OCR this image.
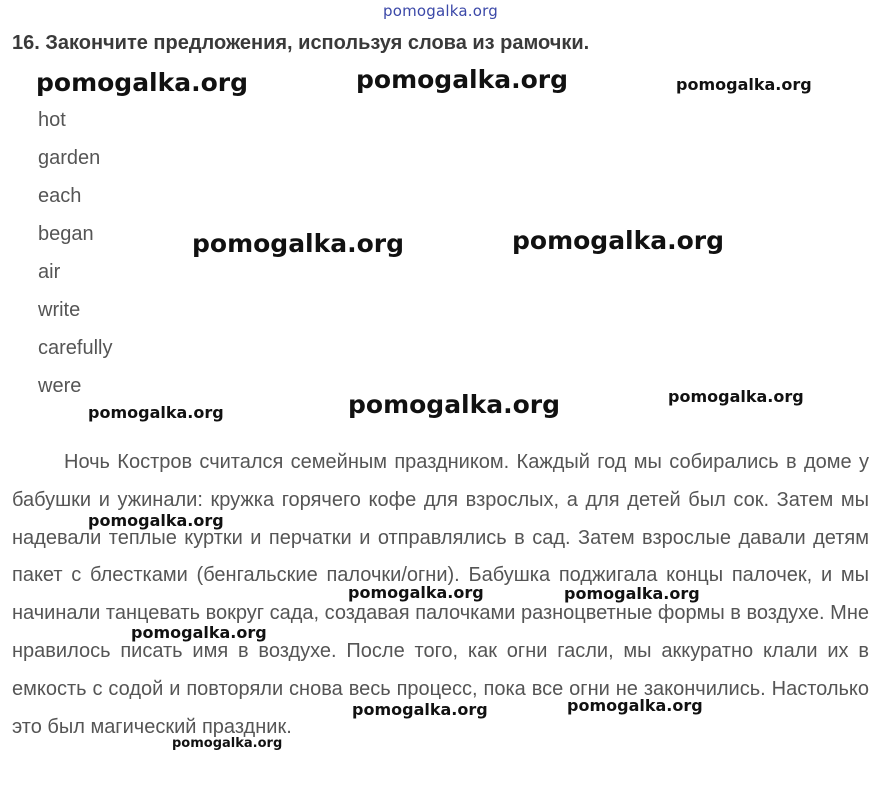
pomogalka.org
16. Закончите предложения, используя слова из рамочки.
hot
garden
each
began
air
write
carefully
were

Ночь Костров считался семейным праздником. Каждый год мы собирались в доме у бабушки и ужинали: кружка горячего кофе для взрослых, а для детей был сок. Затем мы надевали теплые куртки и перчатки и отправлялись в сад. Затем взрослые давали детям пакет с блестками (бенгальские палочки/огни). Бабушка поджигала концы палочек, и мы начинали танцевать вокруг сада, создавая палочками разноцветные формы в воздухе. Мне нравилось писать имя в воздухе. После того, как огни гасли, мы аккуратно клали их в емкость с содой и повторяли снова весь процесс, пока все огни не закончились. Настолько это был магический праздник.

pomogalka.org	pomogalka.org	pomogalka.org
pomogalka.org	pomogalka.org
pomogalka.org	pomogalka.org	pomogalka.org
pomogalka.org
pomogalka.org
pomogalka.org
pomogalka.org
pomogalka.org	pomogalka.org
pomogalka.org
